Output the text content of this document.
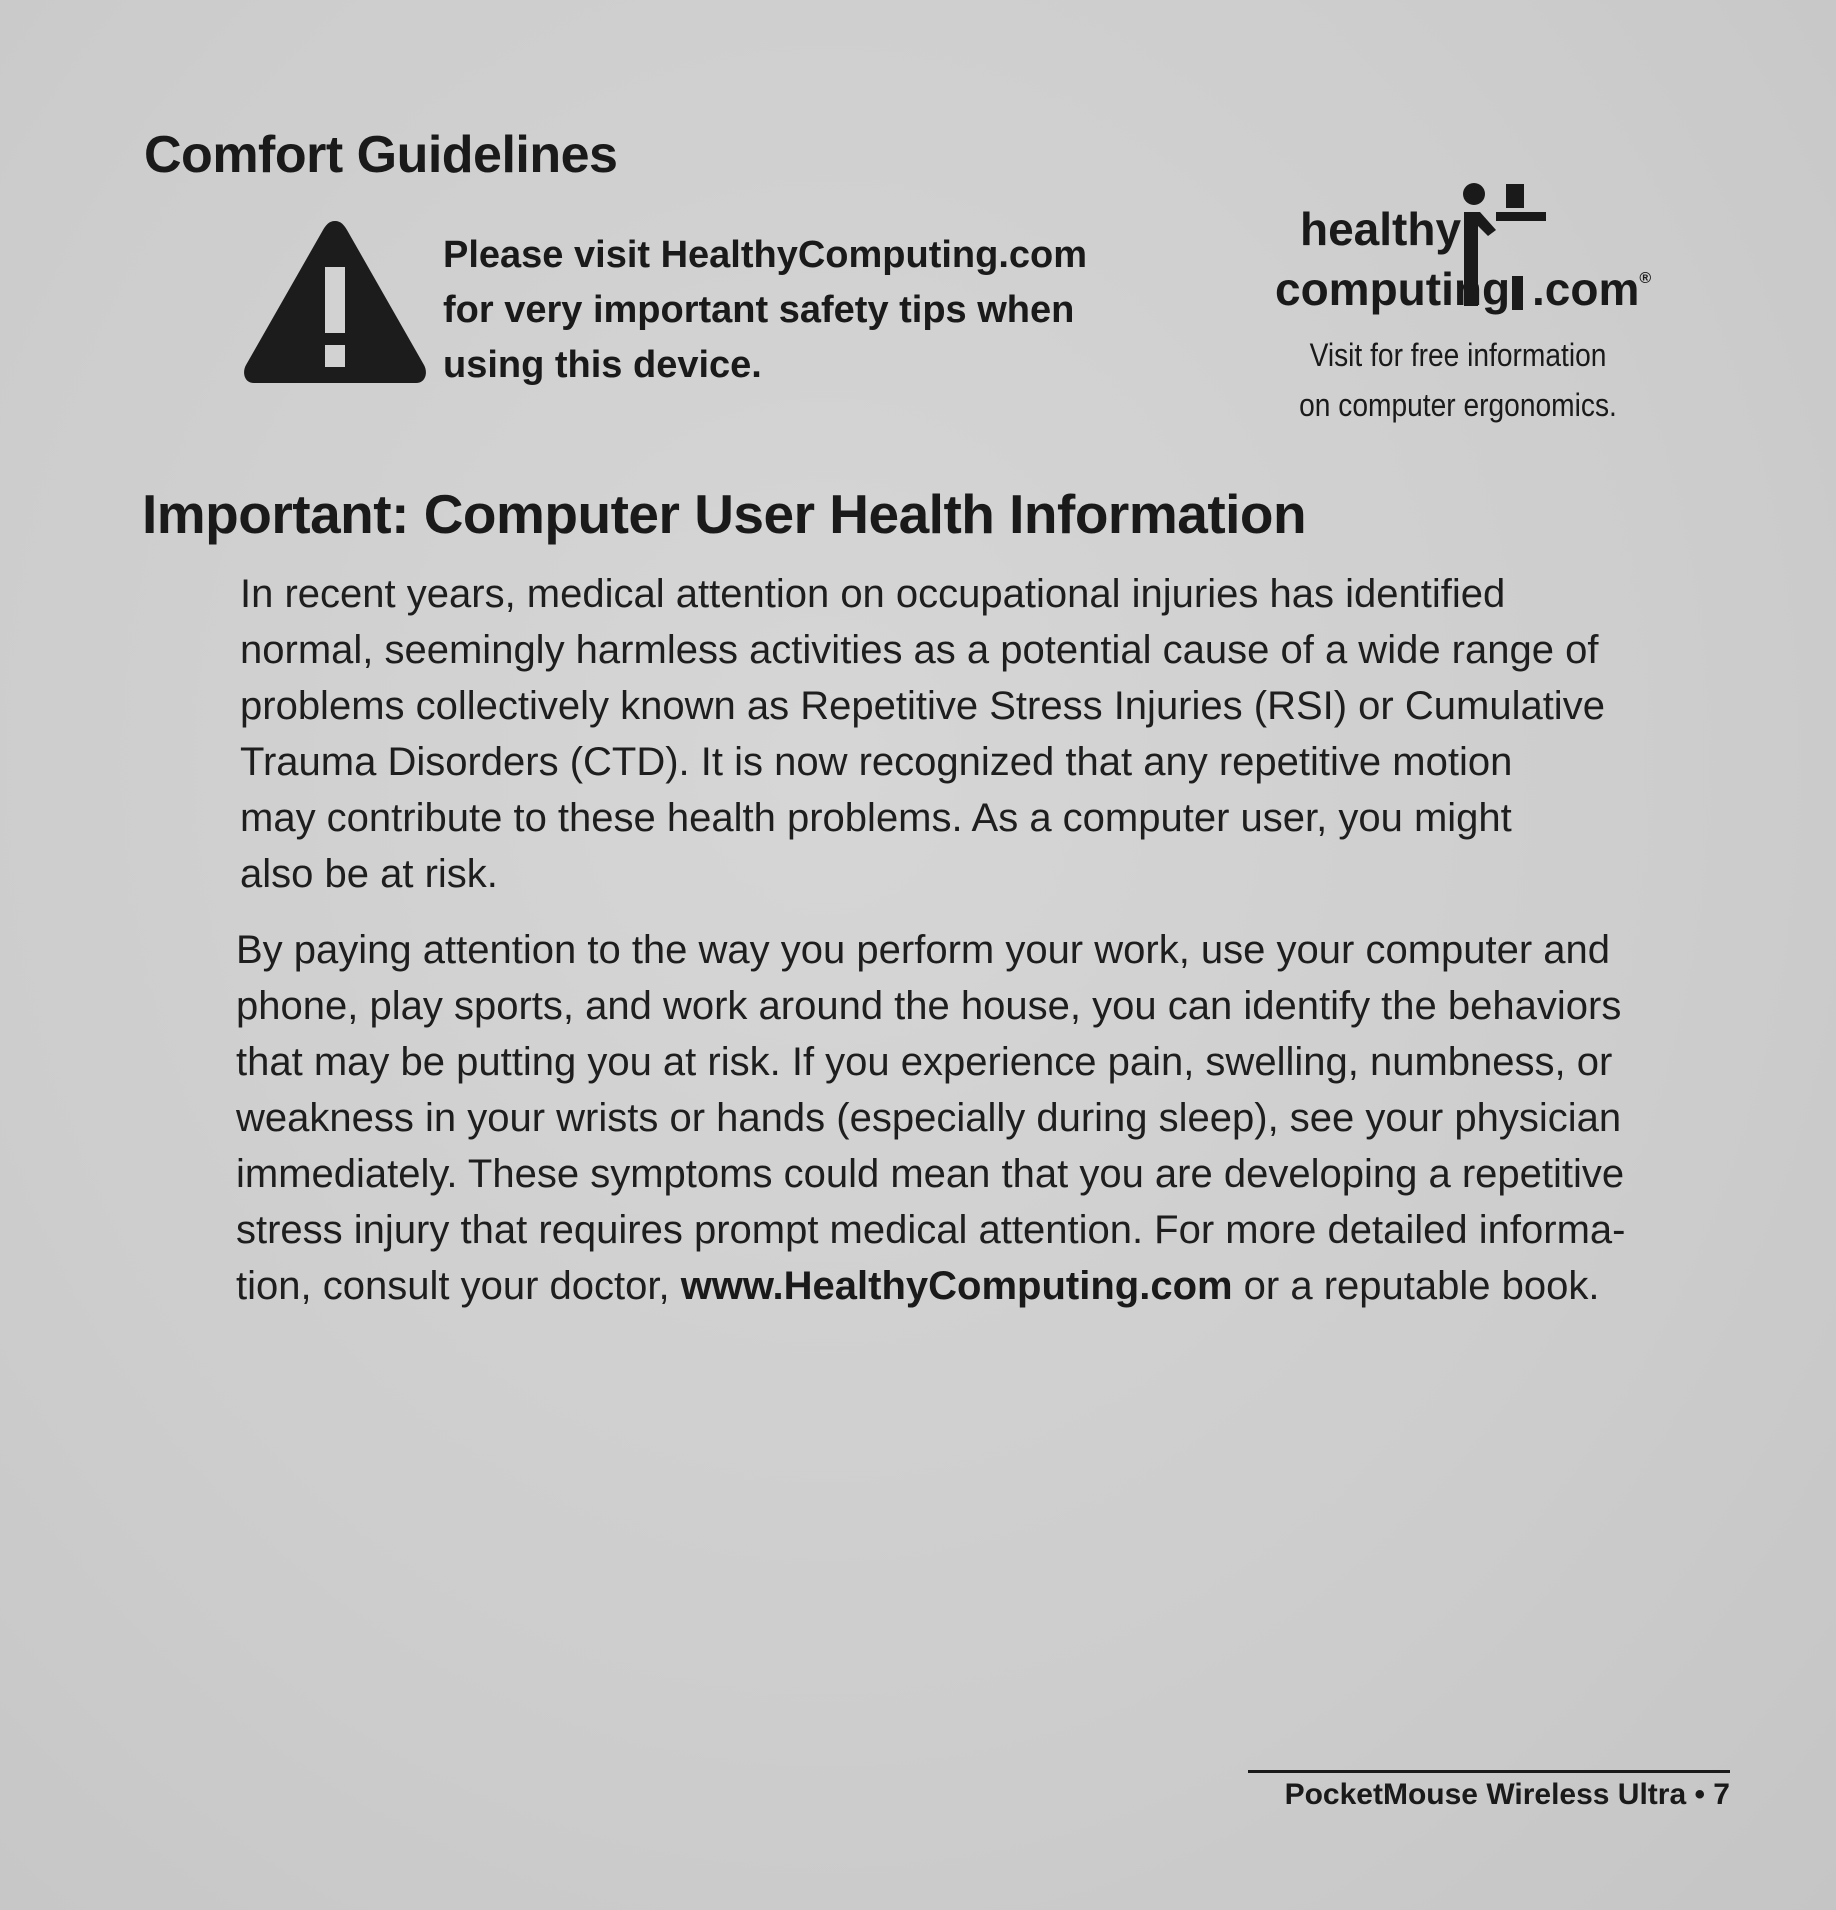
Comfort Guidelines
Please visit HealthyComputing.com
for very important safety tips when
using this device.
healthy
computing .com®
Visit for free information
on computer ergonomics.
Important: Computer User Health Information

In recent years, medical attention on occupational injuries has identified
normal, seemingly harmless activities as a potential cause of a wide range of
problems collectively known as Repetitive Stress Injuries (RSI) or Cumulative
Trauma Disorders (CTD). It is now recognized that any repetitive motion
may contribute to these health problems. As a computer user, you might
also be at risk.

By paying attention to the way you perform your work, use your computer and
phone, play sports, and work around the house, you can identify the behaviors
that may be putting you at risk. If you experience pain, swelling, numbness, or
weakness in your wrists or hands (especially during sleep), see your physician
immediately. These symptoms could mean that you are developing a repetitive
stress injury that requires prompt medical attention. For more detailed informa-
tion, consult your doctor, www.HealthyComputing.com or a reputable book.

PocketMouse Wireless Ultra • 7
